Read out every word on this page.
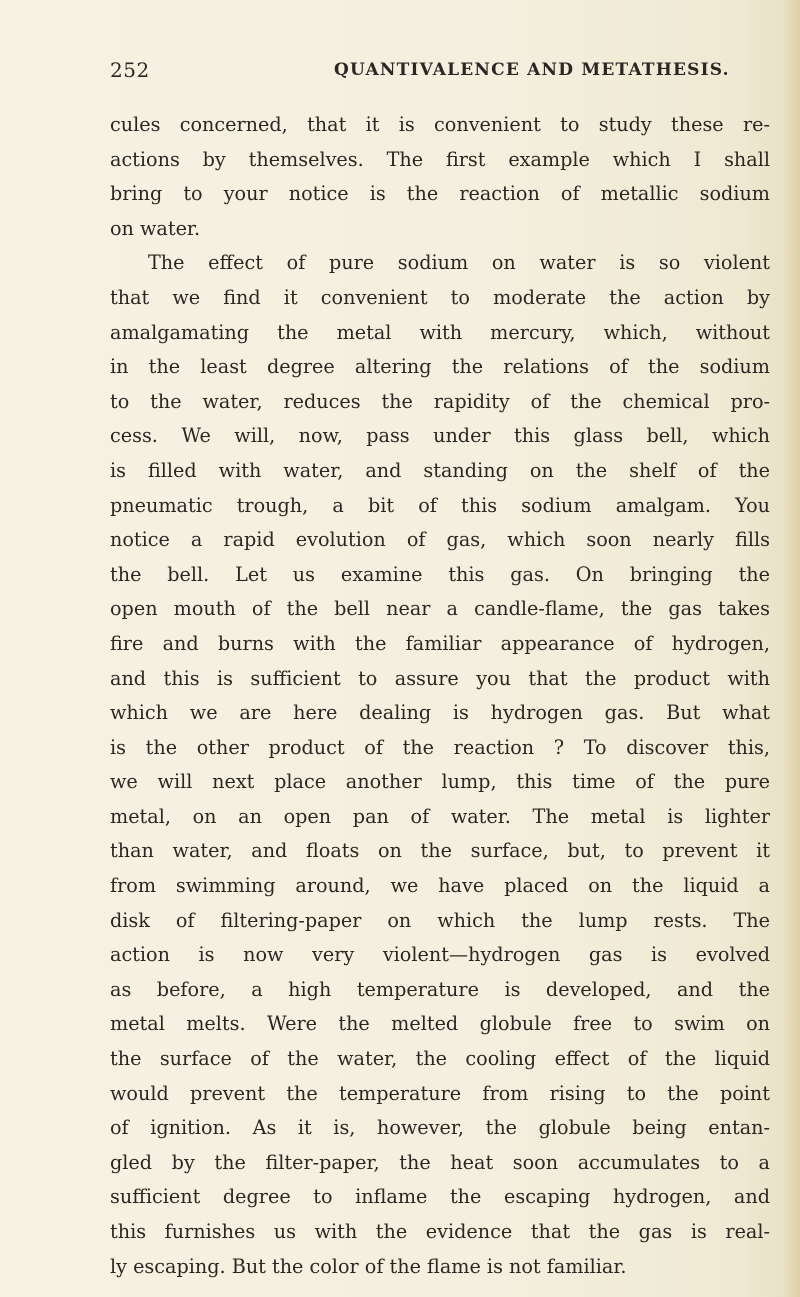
252	QUANTIVALENCE AND METATHESIS.
cules concerned, that it is convenient to study these re-
actions by themselves. The first example which I shall
bring to your notice is the reaction of metallic sodium
on water.
The effect of pure sodium on water is so violent
that we find it convenient to moderate the action by
amalgamating the metal with mercury, which, without
in the least degree altering the relations of the sodium
to the water, reduces the rapidity of the chemical pro-
cess. We will, now, pass under this glass bell, which
is filled with water, and standing on the shelf of the
pneumatic trough, a bit of this sodium amalgam. You
notice a rapid evolution of gas, which soon nearly fills
the bell. Let us examine this gas. On bringing the
open mouth of the bell near a candle-flame, the gas takes
fire and burns with the familiar appearance of hydrogen,
and this is sufficient to assure you that the product with
which we are here dealing is hydrogen gas. But what
is the other product of the reaction ? To discover this,
we will next place another lump, this time of the pure
metal, on an open pan of water. The metal is lighter
than water, and floats on the surface, but, to prevent it
from swimming around, we have placed on the liquid a
disk of filtering-paper on which the lump rests. The
action is now very violent—hydrogen gas is evolved
as before, a high temperature is developed, and the
metal melts. Were the melted globule free to swim on
the surface of the water, the cooling effect of the liquid
would prevent the temperature from rising to the point
of ignition. As it is, however, the globule being entan-
gled by the filter-paper, the heat soon accumulates to a
sufficient degree to inflame the escaping hydrogen, and
this furnishes us with the evidence that the gas is real-
ly escaping. But the color of the flame is not familiar.
